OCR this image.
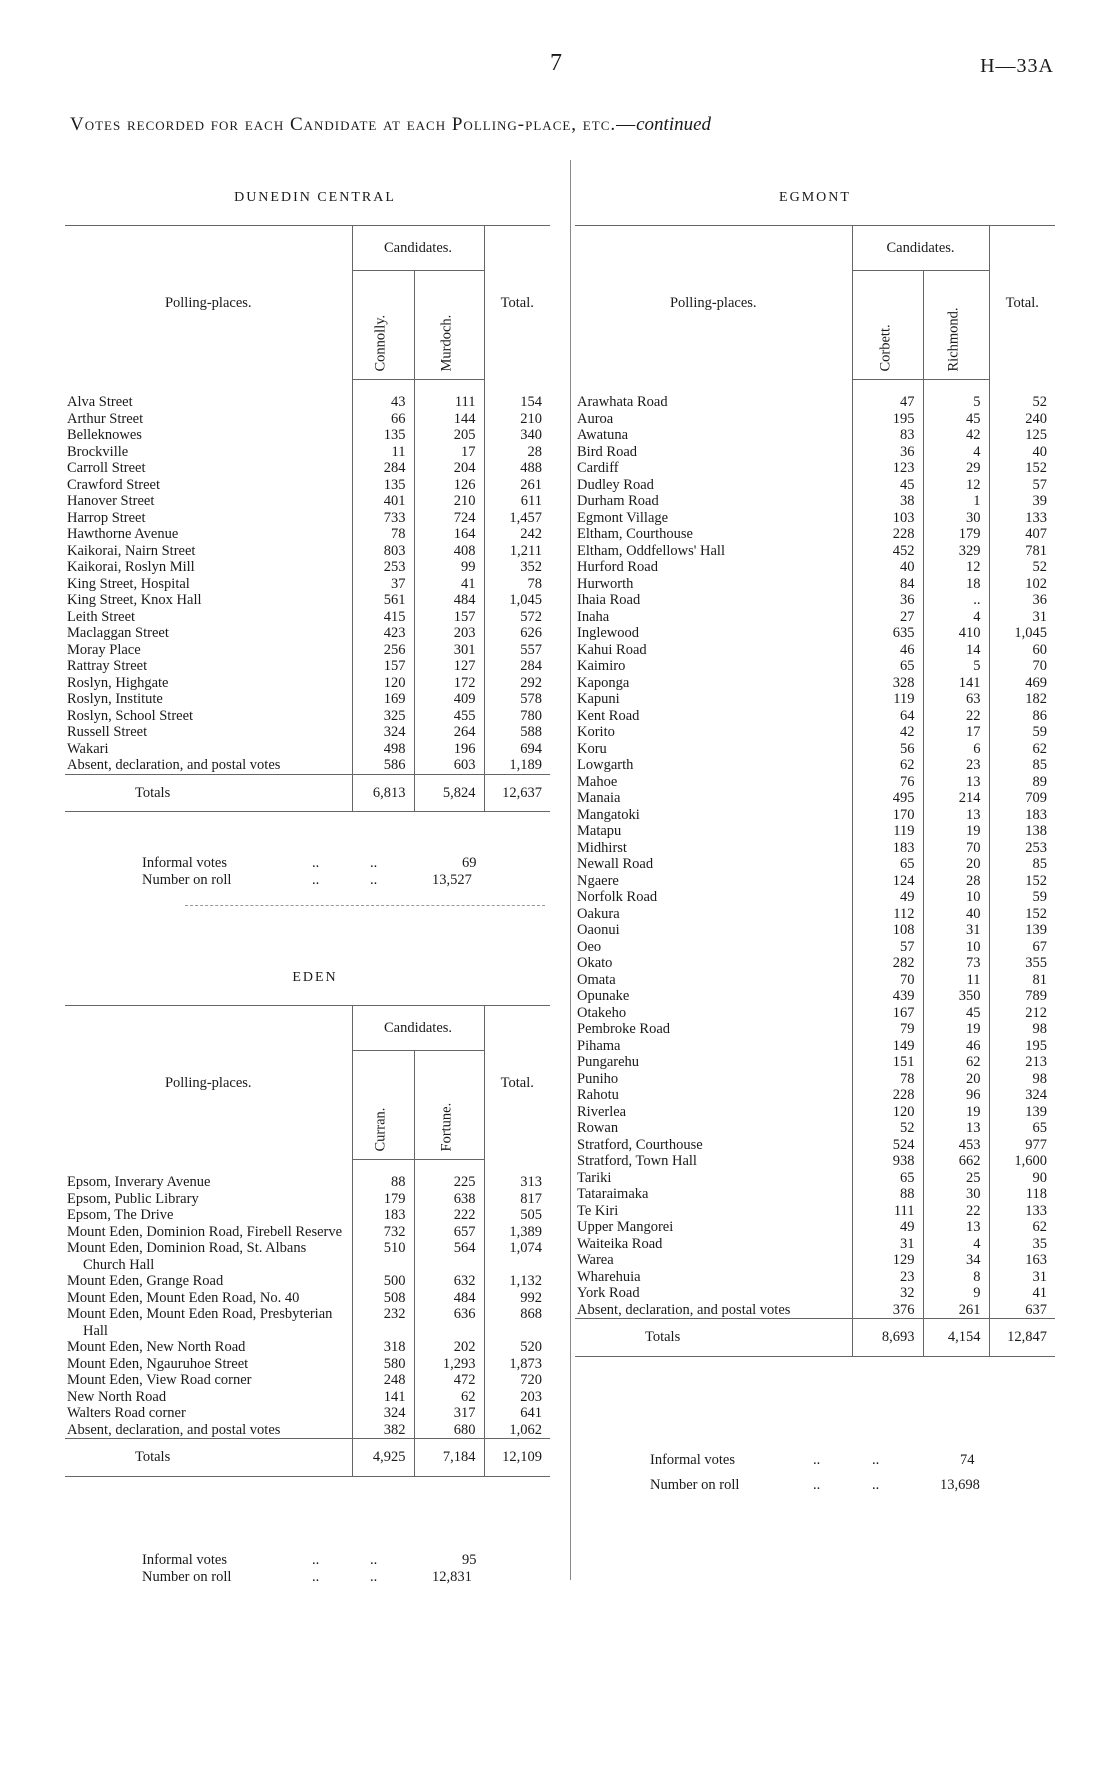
7	H—33A
Votes recorded for each Candidate at each Polling-place, etc.—continued
DUNEDIN CENTRAL
Polling-places.	Candidates.		Total.

	Connolly.	Murdoch.	

Alva Street	43	111	154
Arthur Street	66	144	210
Belleknowes	135	205	340
Brockville	11	17	28
Carroll Street	284	204	488
Crawford Street	135	126	261
Hanover Street	401	210	611
Harrop Street	733	724	1,457
Hawthorne Avenue	78	164	242
Kaikorai, Nairn Street	803	408	1,211
Kaikorai, Roslyn Mill	253	99	352
King Street, Hospital	37	41	78
King Street, Knox Hall	561	484	1,045
Leith Street	415	157	572
Maclaggan Street	423	203	626
Moray Place	256	301	557
Rattray Street	157	127	284
Roslyn, Highgate	120	172	292
Roslyn, Institute	169	409	578
Roslyn, School Street	325	455	780
Russell Street	324	264	588
Wakari	498	196	694

Absent, declaration, and postal votes	586	603	1,189
Totals	6,813	5,824	12,637
Informal votes	..	..	69
Number on roll	..	..	13,527
EDEN
Polling-places.	Candidates.		Total.

	Curran.	Fortune.	

Epsom, Inverary Avenue	88	225	313
Epsom, Public Library	179	638	817
Epsom, The Drive	183	222	505

Mount Eden, Dominion Road, Firebell Reserve	732	657	1,389

Mount Eden, Dominion Road, St. Albans Church Hall	510	564	1,074
Mount Eden, Grange Road	500	632	1,132

Mount Eden, Mount Eden Road, No. 40	508	484	992

Mount Eden, Mount Eden Road, Presbyterian Hall	232	636	868
Mount Eden, New North Road	318	202	520
Mount Eden, Ngauruhoe Street	580	1,293	1,873
Mount Eden, View Road corner	248	472	720
New North Road	141	62	203
Walters Road corner	324	317	641

Absent, declaration, and postal votes	382	680	1,062
Totals	4,925	7,184	12,109
Informal votes	..	..	95
Number on roll	..	..	12,831
EGMONT
Polling-places.	Candidates.		Total.

	Corbett.	Richmond.	

Arawhata Road	47	5	52
Auroa	195	45	240
Awatuna	83	42	125
Bird Road	36	4	40
Cardiff	123	29	152
Dudley Road	45	12	57
Durham Road	38	1	39
Egmont Village	103	30	133
Eltham, Courthouse	228	179	407
Eltham, Oddfellows' Hall	452	329	781
Hurford Road	40	12	52
Hurworth	84	18	102
Ihaia Road	36	..	36
Inaha	27	4	31
Inglewood	635	410	1,045
Kahui Road	46	14	60
Kaimiro	65	5	70
Kaponga	328	141	469
Kapuni	119	63	182
Kent Road	64	22	86
Korito	42	17	59
Koru	56	6	62
Lowgarth	62	23	85
Mahoe	76	13	89
Manaia	495	214	709
Mangatoki	170	13	183
Matapu	119	19	138
Midhirst	183	70	253
Newall Road	65	20	85
Ngaere	124	28	152
Norfolk Road	49	10	59
Oakura	112	40	152
Oaonui	108	31	139
Oeo	57	10	67
Okato	282	73	355
Omata	70	11	81
Opunake	439	350	789
Otakeho	167	45	212
Pembroke Road	79	19	98
Pihama	149	46	195
Pungarehu	151	62	213
Puniho	78	20	98
Rahotu	228	96	324
Riverlea	120	19	139
Rowan	52	13	65
Stratford, Courthouse	524	453	977
Stratford, Town Hall	938	662	1,600
Tariki	65	25	90
Tataraimaka	88	30	118
Te Kiri	111	22	133
Upper Mangorei	49	13	62
Waiteika Road	31	4	35
Warea	129	34	163
Wharehuia	23	8	31
York Road	32	9	41

Absent, declaration, and postal votes	376	261	637
Totals	8,693	4,154	12,847
Informal votes	..	..	74
Number on roll	..	..	13,698
